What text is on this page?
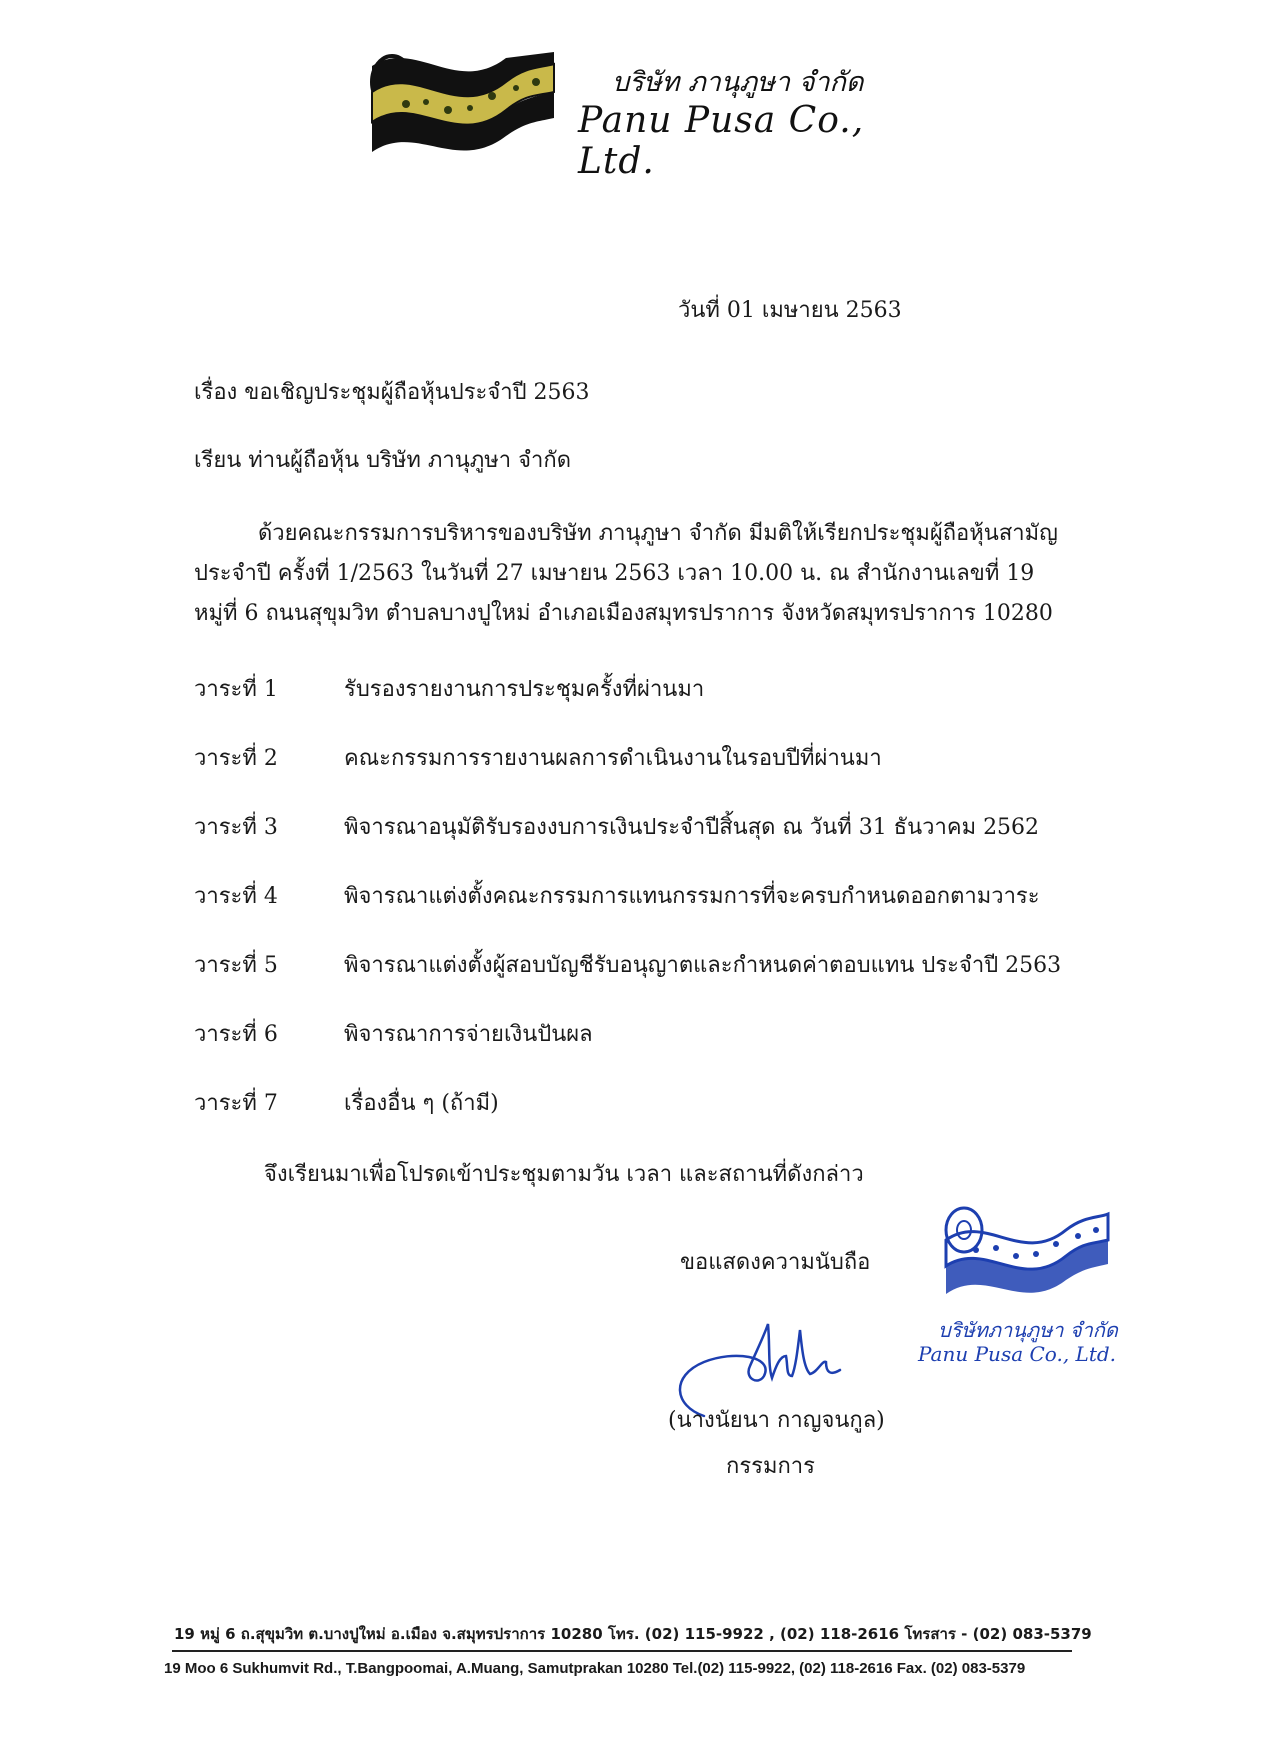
บริษัท ภานุภูษา จำกัด
Panu Pusa Co., Ltd.
วันที่ 01 เมษายน 2563
เรื่อง ขอเชิญประชุมผู้ถือหุ้นประจำปี 2563
เรียน ท่านผู้ถือหุ้น บริษัท ภานุภูษา จำกัด
ด้วยคณะกรรมการบริหารของบริษัท ภานุภูษา จำกัด มีมติให้เรียกประชุมผู้ถือหุ้นสามัญประจำปี ครั้งที่ 1/2563 ในวันที่ 27 เมษายน 2563 เวลา 10.00 น. ณ สำนักงานเลขที่ 19 หมู่ที่ 6 ถนนสุขุมวิท ตำบลบางปูใหม่ อำเภอเมืองสมุทรปราการ จังหวัดสมุทรปราการ 10280
วาระที่ 1	รับรองรายงานการประชุมครั้งที่ผ่านมา
วาระที่ 2	คณะกรรมการรายงานผลการดำเนินงานในรอบปีที่ผ่านมา
วาระที่ 3	พิจารณาอนุมัติรับรองงบการเงินประจำปีสิ้นสุด ณ วันที่ 31 ธันวาคม 2562
วาระที่ 4	พิจารณาแต่งตั้งคณะกรรมการแทนกรรมการที่จะครบกำหนดออกตามวาระ
วาระที่ 5	พิจารณาแต่งตั้งผู้สอบบัญชีรับอนุญาตและกำหนดค่าตอบแทน ประจำปี 2563
วาระที่ 6	พิจารณาการจ่ายเงินปันผล
วาระที่ 7	เรื่องอื่น ๆ (ถ้ามี)
จึงเรียนมาเพื่อโปรดเข้าประชุมตามวัน เวลา และสถานที่ดังกล่าว
ขอแสดงความนับถือ
(นางนัยนา กาญจนกูล)
กรรมการ
บริษัทภานุภูษา จำกัด
Panu Pusa Co., Ltd.
19 หมู่ 6 ถ.สุขุมวิท ต.บางปูใหม่ อ.เมือง จ.สมุทรปราการ 10280 โทร. (02) 115-9922 , (02) 118-2616 โทรสาร - (02) 083-5379
19 Moo 6 Sukhumvit Rd., T.Bangpoomai, A.Muang, Samutprakan 10280 Tel.(02) 115-9922, (02) 118-2616 Fax. (02) 083-5379
